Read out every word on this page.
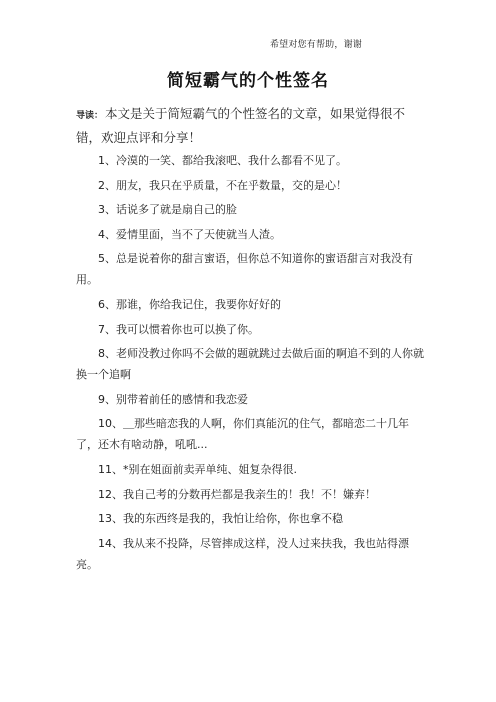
希望对您有帮助，谢谢
简短霸气的个性签名
导读： 本文是关于简短霸气的个性签名的文章，如果觉得很不错，欢迎点评和分享！
1、冷漠的一笑、都给我滚吧、我什么都看不见了。
2、朋友，我只在乎质量，不在乎数量，交的是心！
3、话说多了就是扇自己的脸
4、爱情里面，当不了天使就当人渣。
5、总是说着你的甜言蜜语，但你总不知道你的蜜语甜言对我没有用。
6、那谁，你给我记住，我要你好好的
7、我可以惯着你也可以换了你。
8、老师没教过你吗不会做的题就跳过去做后面的啊追不到的人你就换一个追啊
9、别带着前任的感情和我恋爱
10、＿那些暗恋我的人啊，你们真能沉的住气，都暗恋二十几年了，还木有啥动静，吼吼...
11、*别在姐面前卖弄单纯、姐复杂得很.
12、我自己考的分数再烂都是我亲生的！我！不！嫌弃！
13、我的东西终是我的，我怕让给你，你也拿不稳
14、我从来不投降，尽管摔成这样，没人过来扶我，我也站得漂亮。
